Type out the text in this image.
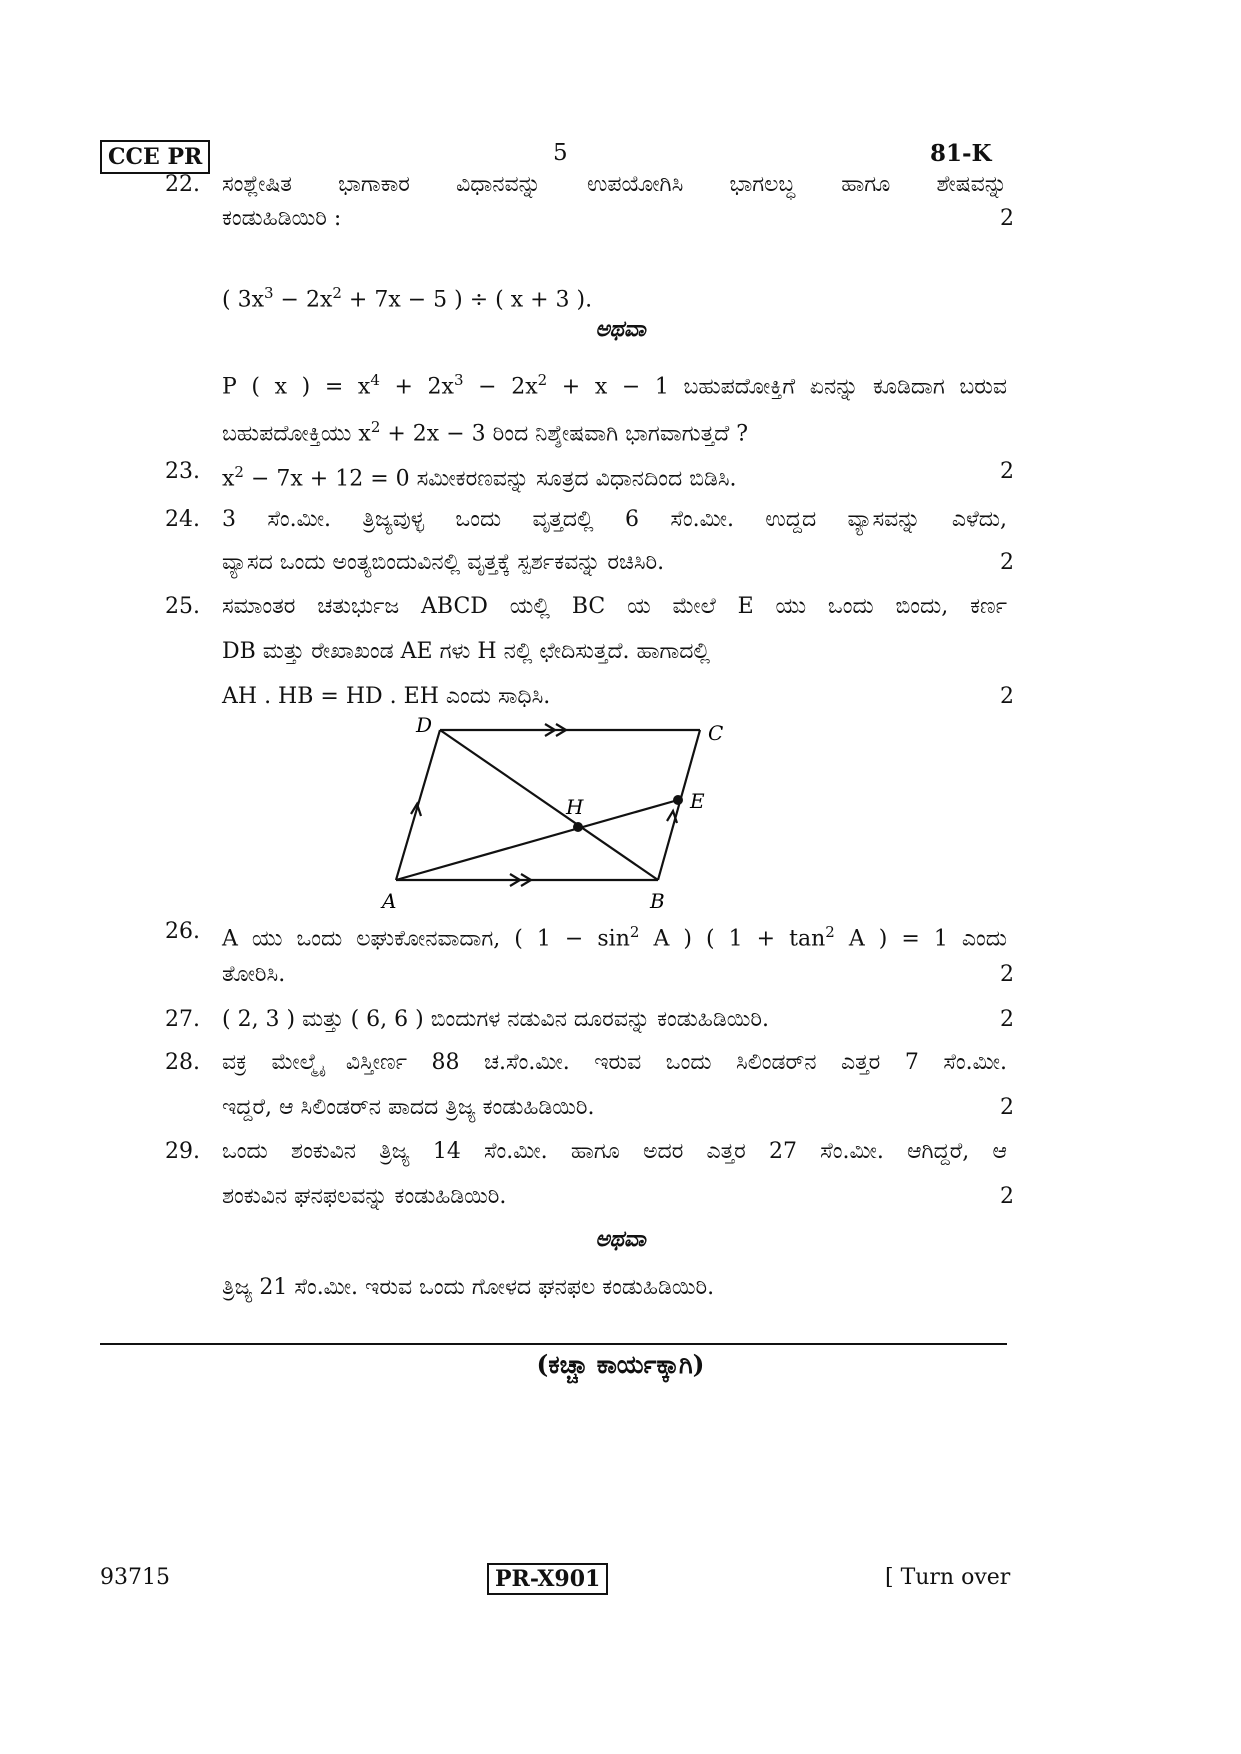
CCE PR	5	81-K
22. ಸಂಶ್ಲೇಷಿತ ಭಾಗಾಕಾರ ವಿಧಾನವನ್ನು ಉಪಯೋಗಿಸಿ ಭಾಗಲಬ್ಧ ಹಾಗೂ ಶೇಷವನ್ನು
ಕಂಡುಹಿಡಿಯಿರಿ :	2
( $3x^3 - 2x^2 + 7x - 5$ ) ÷ ( x + 3 ).
ಅಥವಾ
P ( x ) = $x^4 + 2x^3 - 2x^2 + x - 1$ ಬಹುಪದೋಕ್ತಿಗೆ ಏನನ್ನು ಕೂಡಿದಾಗ ಬರುವ
ಬಹುಪದೋಕ್ತಿಯು $x^2 + 2x - 3$ ರಿಂದ ನಿಶ್ಶೇಷವಾಗಿ ಭಾಗವಾಗುತ್ತದೆ ?
23. $x^2 - 7x + 12 = 0$ ಸಮೀಕರಣವನ್ನು ಸೂತ್ರದ ವಿಧಾನದಿಂದ ಬಿಡಿಸಿ.	2
24. 3 ಸೆಂ.ಮೀ. ತ್ರಿಜ್ಯವುಳ್ಳ ಒಂದು ವೃತ್ತದಲ್ಲಿ 6 ಸೆಂ.ಮೀ. ಉದ್ದದ ವ್ಯಾಸವನ್ನು ಎಳೆದು,
ವ್ಯಾಸದ ಒಂದು ಅಂತ್ಯಬಿಂದುವಿನಲ್ಲಿ ವೃತ್ತಕ್ಕೆ ಸ್ಪರ್ಶಕವನ್ನು ರಚಿಸಿರಿ.	2
25. ಸಮಾಂತರ ಚತುರ್ಭುಜ ABCD ಯಲ್ಲಿ BC ಯ ಮೇಲೆ E ಯು ಒಂದು ಬಿಂದು, ಕರ್ಣ
DB ಮತ್ತು ರೇಖಾಖಂಡ AE ಗಳು H ನಲ್ಲಿ ಛೇದಿಸುತ್ತದೆ. ಹಾಗಾದಲ್ಲಿ
AH . HB = HD . EH ಎಂದು ಸಾಧಿಸಿ.	2
A	B
C
D
E
H
26. A ಯು ಒಂದು ಲಘುಕೋನವಾದಾಗ, ( $1 - \sin^2 A$ ) ( $1 + \tan^2 A$ ) = 1 ಎಂದು
ತೋರಿಸಿ.	2
27. ( 2, 3 ) ಮತ್ತು ( 6, 6 ) ಬಿಂದುಗಳ ನಡುವಿನ ದೂರವನ್ನು ಕಂಡುಹಿಡಿಯಿರಿ.	2
28. ವಕ್ರ ಮೇಲ್ಮೈ ವಿಸ್ತೀರ್ಣ 88 ಚ.ಸೆಂ.ಮೀ. ಇರುವ ಒಂದು ಸಿಲಿಂಡರ್‌ನ ಎತ್ತರ 7 ಸೆಂ.ಮೀ.
ಇದ್ದರೆ, ಆ ಸಿಲಿಂಡರ್‌ನ ಪಾದದ ತ್ರಿಜ್ಯ ಕಂಡುಹಿಡಿಯಿರಿ.	2
29. ಒಂದು ಶಂಕುವಿನ ತ್ರಿಜ್ಯ 14 ಸೆಂ.ಮೀ. ಹಾಗೂ ಅದರ ಎತ್ತರ 27 ಸೆಂ.ಮೀ. ಆಗಿದ್ದರೆ, ಆ
ಶಂಕುವಿನ ಘನಫಲವನ್ನು ಕಂಡುಹಿಡಿಯಿರಿ.	2
ಅಥವಾ
ತ್ರಿಜ್ಯ 21 ಸೆಂ.ಮೀ. ಇರುವ ಒಂದು ಗೋಳದ ಘನಫಲ ಕಂಡುಹಿಡಿಯಿರಿ.
(ಕಚ್ಚಾ ಕಾರ್ಯಕ್ಕಾಗಿ)
93715	PR-X901	[ Turn over
